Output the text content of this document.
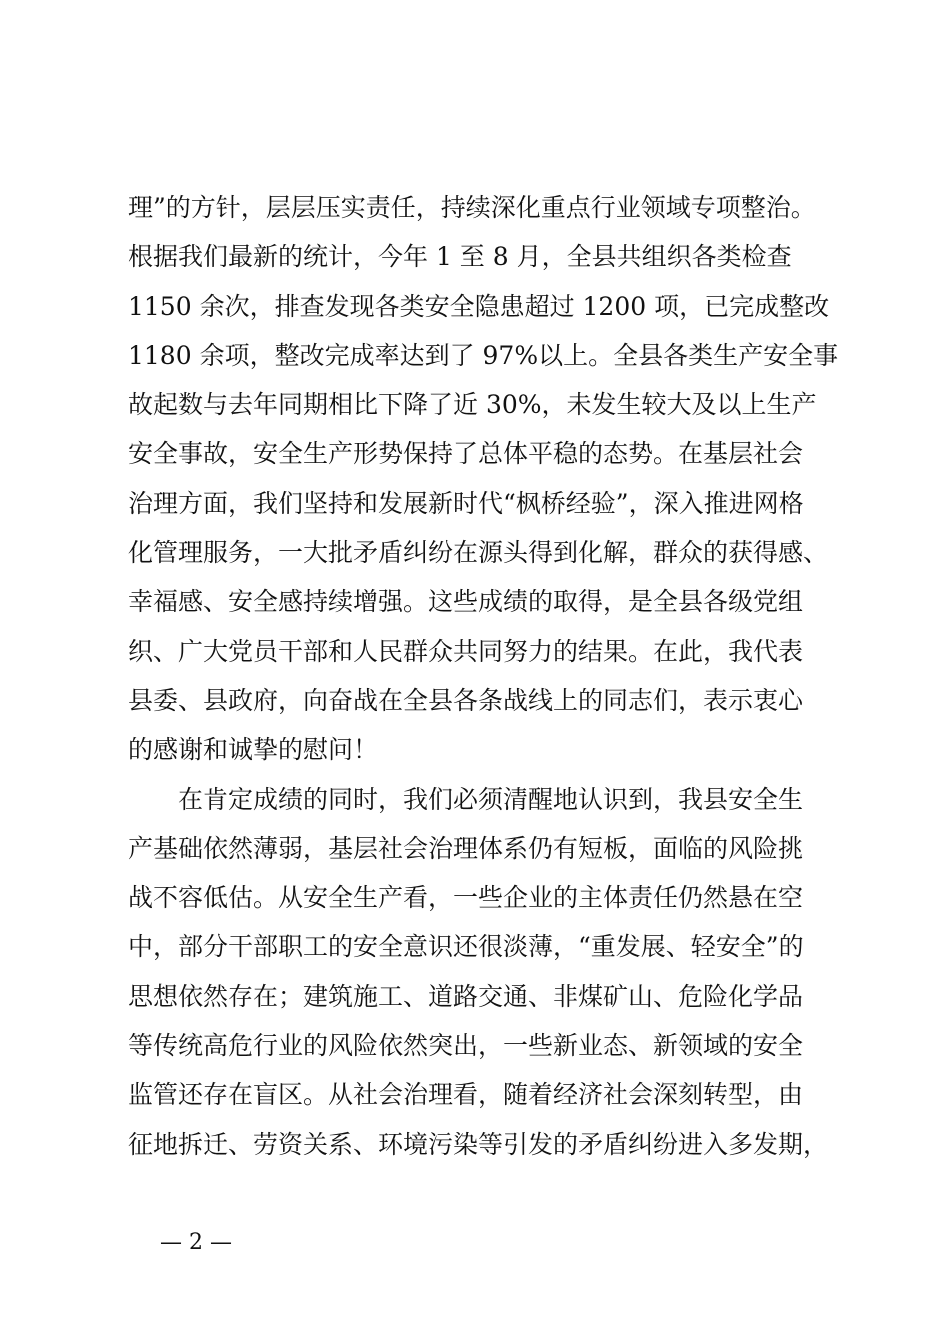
理”的方针，层层压实责任，持续深化重点行业领域专项整治。
根据我们最新的统计，今年 1 至 8 月，全县共组织各类检查
1150 余次，排查发现各类安全隐患超过 1200 项，已完成整改
1180 余项，整改完成率达到了 97%以上。全县各类生产安全事
故起数与去年同期相比下降了近 30%，未发生较大及以上生产
安全事故，安全生产形势保持了总体平稳的态势。在基层社会
治理方面，我们坚持和发展新时代“枫桥经验”，深入推进网格
化管理服务，一大批矛盾纠纷在源头得到化解，群众的获得感、
幸福感、安全感持续增强。这些成绩的取得，是全县各级党组
织、广大党员干部和人民群众共同努力的结果。在此，我代表
县委、县政府，向奋战在全县各条战线上的同志们，表示衷心
的感谢和诚挚的慰问！
在肯定成绩的同时，我们必须清醒地认识到，我县安全生
产基础依然薄弱，基层社会治理体系仍有短板，面临的风险挑
战不容低估。从安全生产看，一些企业的主体责任仍然悬在空
中，部分干部职工的安全意识还很淡薄，“重发展、轻安全”的
思想依然存在；建筑施工、道路交通、非煤矿山、危险化学品
等传统高危行业的风险依然突出，一些新业态、新领域的安全
监管还存在盲区。从社会治理看，随着经济社会深刻转型，由
征地拆迁、劳资关系、环境污染等引发的矛盾纠纷进入多发期，
— 2 —
